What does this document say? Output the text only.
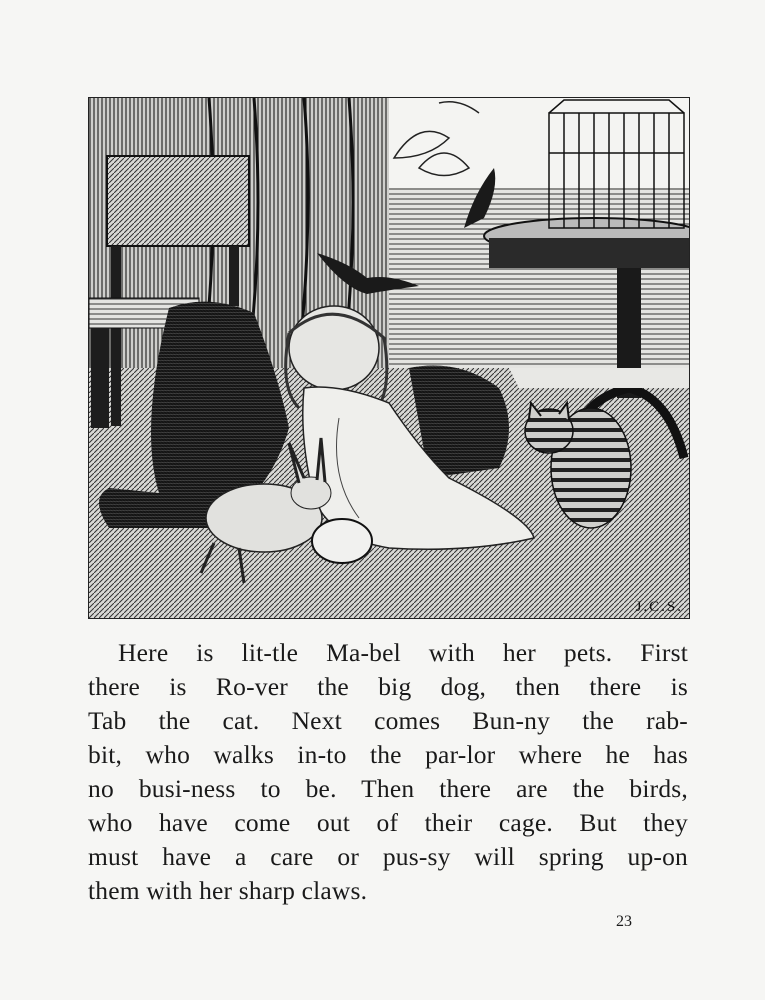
J.C.S.
Here is lit-tle Ma-bel with her pets. First
there is Ro-ver the big dog, then there is
Tab the cat. Next comes Bun-ny the rab-
bit, who walks in-to the par-lor where he has
no busi-ness to be. Then there are the birds,
who have come out of their cage. But they
must have a care or pus-sy will spring up-on
them with her sharp claws.
23
